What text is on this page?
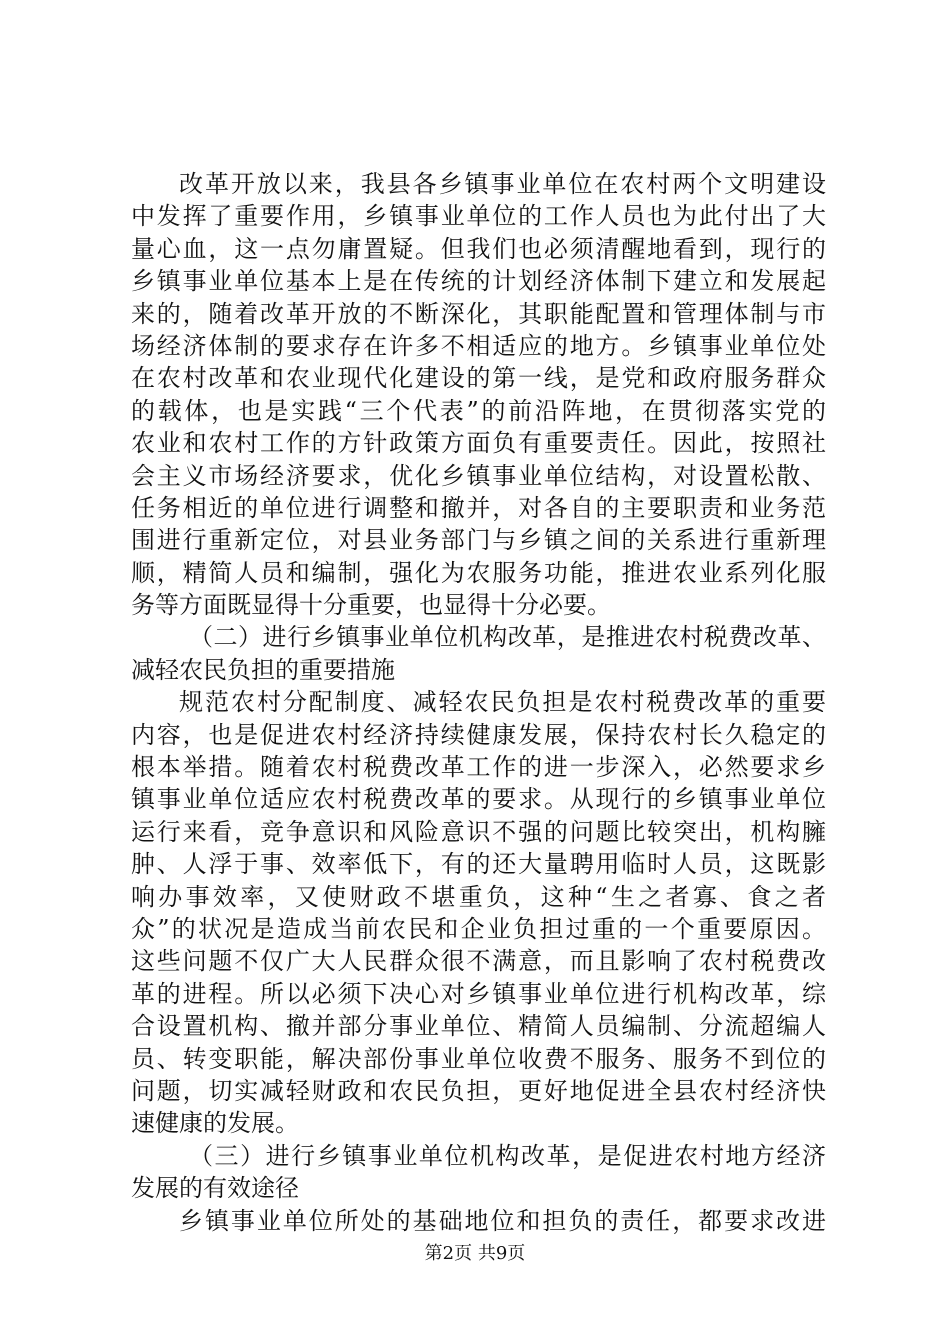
改革开放以来，我县各乡镇事业单位在农村两个文明建设
中发挥了重要作用，乡镇事业单位的工作人员也为此付出了大
量心血，这一点勿庸置疑。但我们也必须清醒地看到，现行的
乡镇事业单位基本上是在传统的计划经济体制下建立和发展起
来的，随着改革开放的不断深化，其职能配置和管理体制与市
场经济体制的要求存在许多不相适应的地方。乡镇事业单位处
在农村改革和农业现代化建设的第一线，是党和政府服务群众
的载体，也是实践“三个代表”的前沿阵地，在贯彻落实党的
农业和农村工作的方针政策方面负有重要责任。因此，按照社
会主义市场经济要求，优化乡镇事业单位结构，对设置松散、
任务相近的单位进行调整和撤并，对各自的主要职责和业务范
围进行重新定位，对县业务部门与乡镇之间的关系进行重新理
顺，精简人员和编制，强化为农服务功能，推进农业系列化服
务等方面既显得十分重要，也显得十分必要。
（二）进行乡镇事业单位机构改革，是推进农村税费改革、
减轻农民负担的重要措施
规范农村分配制度、减轻农民负担是农村税费改革的重要
内容，也是促进农村经济持续健康发展，保持农村长久稳定的
根本举措。随着农村税费改革工作的进一步深入，必然要求乡
镇事业单位适应农村税费改革的要求。从现行的乡镇事业单位
运行来看，竞争意识和风险意识不强的问题比较突出，机构臃
肿、人浮于事、效率低下，有的还大量聘用临时人员，这既影
响办事效率，又使财政不堪重负，这种“生之者寡、食之者
众”的状况是造成当前农民和企业负担过重的一个重要原因。
这些问题不仅广大人民群众很不满意，而且影响了农村税费改
革的进程。所以必须下决心对乡镇事业单位进行机构改革，综
合设置机构、撤并部分事业单位、精简人员编制、分流超编人
员、转变职能，解决部份事业单位收费不服务、服务不到位的
问题，切实减轻财政和农民负担，更好地促进全县农村经济快
速健康的发展。
（三）进行乡镇事业单位机构改革，是促进农村地方经济
发展的有效途径
乡镇事业单位所处的基础地位和担负的责任，都要求改进
第2页 共9页
